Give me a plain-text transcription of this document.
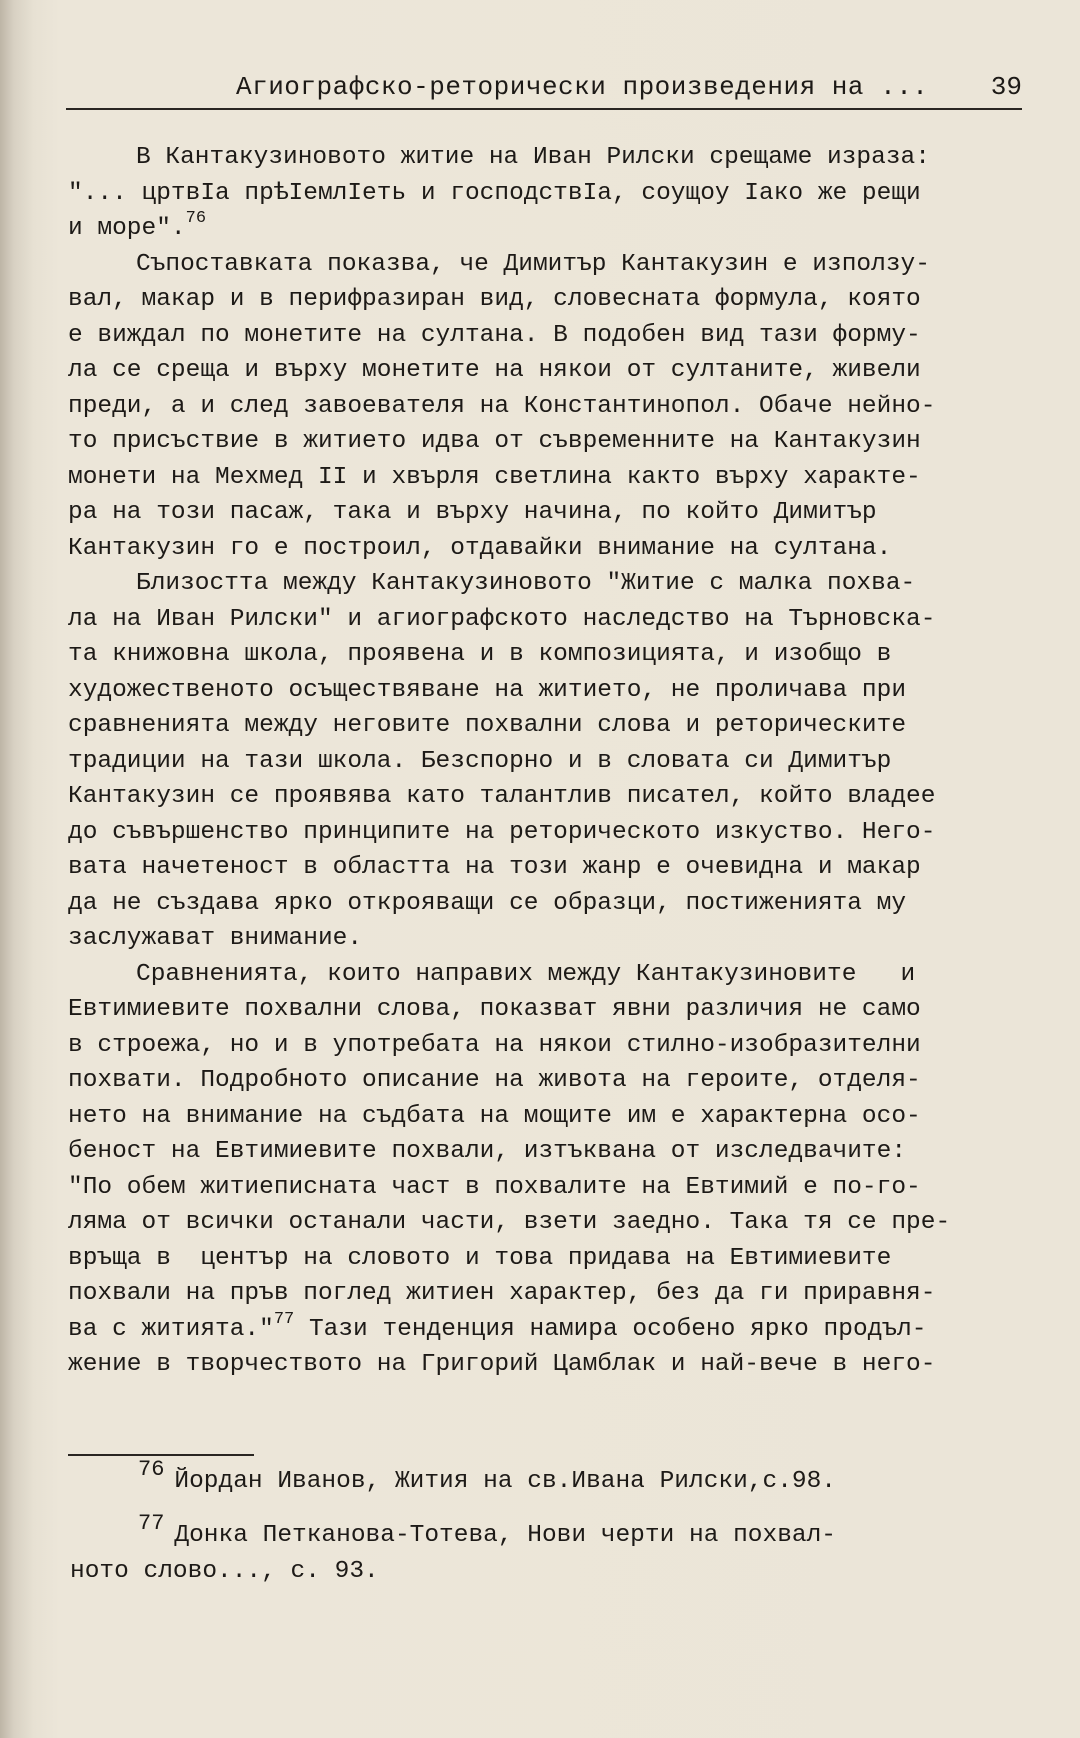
Агиографско-реторически произведения на ... 39
В Кантакузиновото житие на Иван Рилски срещаме израза:
"... цртвIа прѣIемлIеть и господствIа, соущоу Iако же рещи
и море".$^{76}$
Съпоставката показва, че Димитър Кантакузин е използу-
вал, макар и в перифразиран вид, словесната формула, която
е виждал по монетите на султана. В подобен вид тази форму-
ла се среща и върху монетите на някои от султаните, живели
преди, а и след завоевателя на Константинопол. Обаче нейно-
то присъствие в житието идва от съвременните на Кантакузин
монети на Мехмед II и хвърля светлина както върху характе-
ра на този пасаж, така и върху начина, по който Димитър
Кантакузин го е построил, отдавайки внимание на султана.
Близостта между Кантакузиновото "Житие с малка похва-
ла на Иван Рилски" и агиографското наследство на Търновска-
та книжовна школа, проявена и в композицията, и изобщо в
художественото осъществяване на житието, не проличава при
сравненията между неговите похвални слова и реторическите
традиции на тази школа. Безспорно и в словата си Димитър
Кантакузин се проявява като талантлив писател, който владее
до съвършенство принципите на реторическото изкуство. Него-
вата начетеност в областта на този жанр е очевидна и макар
да не създава ярко открояващи се образци, постиженията му
заслужават внимание.
Сравненията, които направих между Кантакузиновите   и
Евтимиевите похвални слова, показват явни различия не само
в строежа, но и в употребата на някои стилно-изобразителни
похвати. Подробното описание на живота на героите, отделя-
нето на внимание на съдбата на мощите им е характерна осо-
беност на Евтимиевите похвали, изтъквана от изследвачите:
"По обем житиеписната част в похвалите на Евтимий е по-го-
ляма от всички останали части, взети заедно. Така тя се пре-
връща в  център на словото и това придава на Евтимиевите
похвали на пръв поглед житиен характер, без да ги приравня-
ва с житията."$^{77}$ Тази тенденция намира особено ярко продъл-
жение в творчеството на Григорий Цамблак и най-вече в него-
76 Йордан Иванов, Жития на св.Ивана Рилски,с.98.
77 Донка Петканова-Тотева, Нови черти на похвал-
ното слово..., с. 93.
